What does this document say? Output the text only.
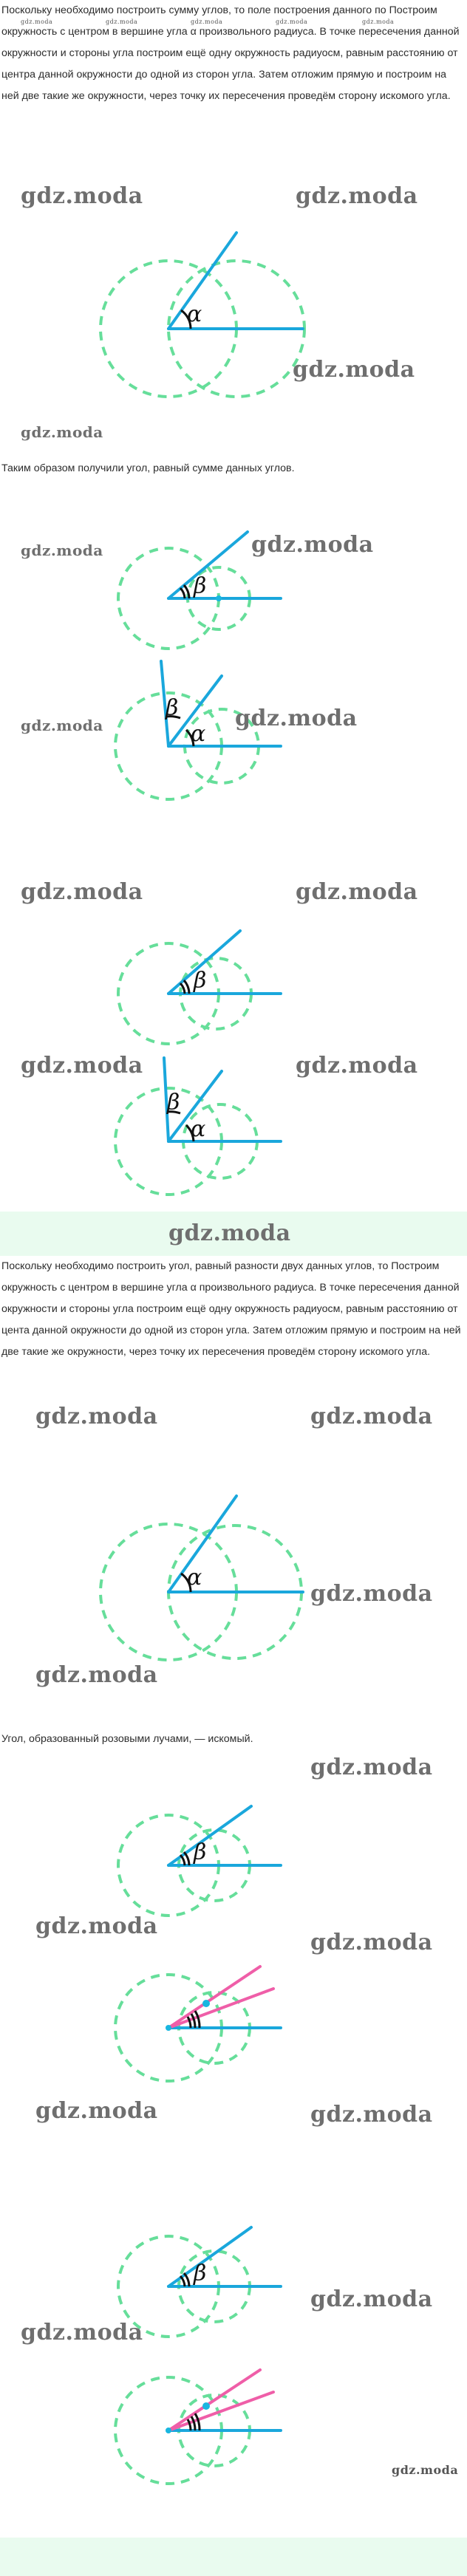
Поскольку необходимо построить сумму углов, то поле построения данного по Построим окружность с центром в вершине угла α произвольного радиуса. В точке пересечения данной окружности и стороны угла построим ещё одну окружность радиуосм, равным расстоянию от центра данной окружности до одной из сторон угла. Затем отложим прямую и построим на ней две такие же окружности, через точку их пересечения проведём сторону искомого угла.

gdz.moda	gdz.moda	gdz.moda	gdz.moda	gdz.moda
gdz.moda	gdz.moda
α
gdz.moda
gdz.moda

Таким образом получили угол, равный сумме данных углов.

gdz.moda
β
gdz.moda
β
α
gdz.moda	gdz.moda
gdz.moda	gdz.moda
β
gdz.moda	gdz.moda
β
α
gdz.moda

Поскольку необходимо построить угол, равный разности двух данных углов, то Построим окружность с центром в вершине угла α произвольного радиуса. В точке пересечения данной окружности и стороны угла построим ещё одну окружность радиуосм, равным расстоянию от цента данной окружности до одной из сторон угла. Затем отложим прямую и построим на ней две такие же окружности, через точку их пересечения проведём сторону искомого угла.

gdz.moda	gdz.moda
α
gdz.moda
gdz.moda

Угол, образованный розовыми лучами, — искомый.

gdz.moda
β
gdz.moda
gdz.moda
gdz.moda	gdz.moda
β
gdz.moda
gdz.moda
gdz.moda
